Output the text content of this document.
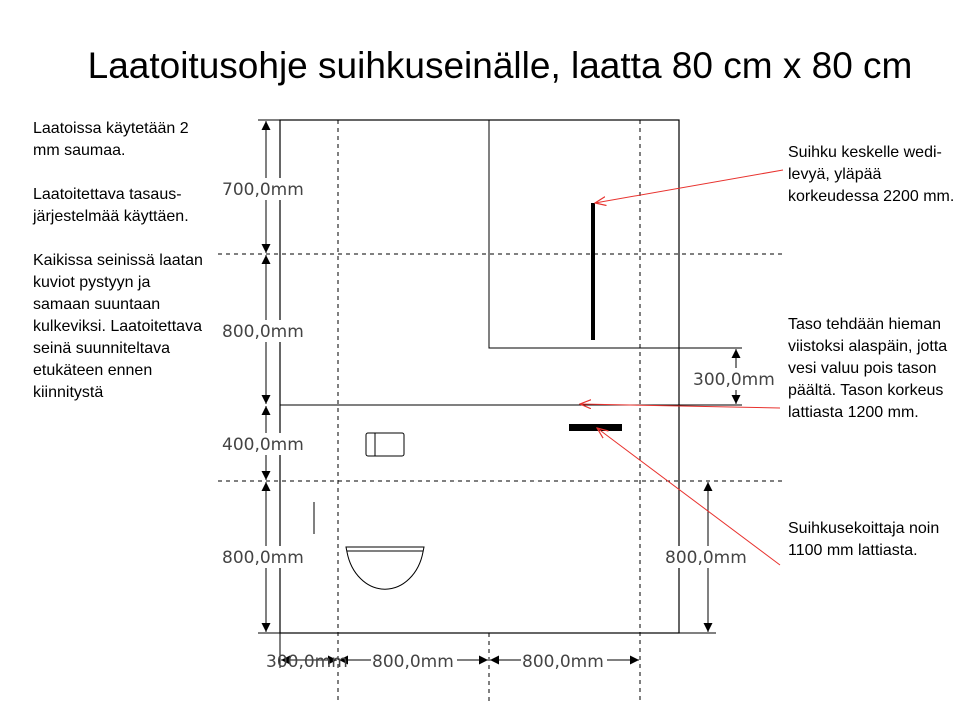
Laatoitusohje suihkuseinälle, laatta 80 cm x 80 cm

Laatoissa käytetään 2 mm saumaa.

Laatoitettava tasaus-järjestelmää käyttäen.

Kaikissa seinissä laatan kuviot pystyyn ja samaan suuntaan kulkeviksi. Laatoitettava seinä suunniteltava etukäteen ennen kiinnitystä

Suihku keskelle wedi-levyä, yläpää korkeudessa 2200 mm.
Taso tehdään hieman viistoksi alaspäin, jotta vesi valuu pois tason päältä. Tason korkeus lattiasta 1200 mm.
Suihkusekoittaja noin 1100 mm lattiasta.
700,0mm
800,0mm
400,0mm
800,0mm
300,0mm
800,0mm
300,0mm 800,0mm	800,0mm
